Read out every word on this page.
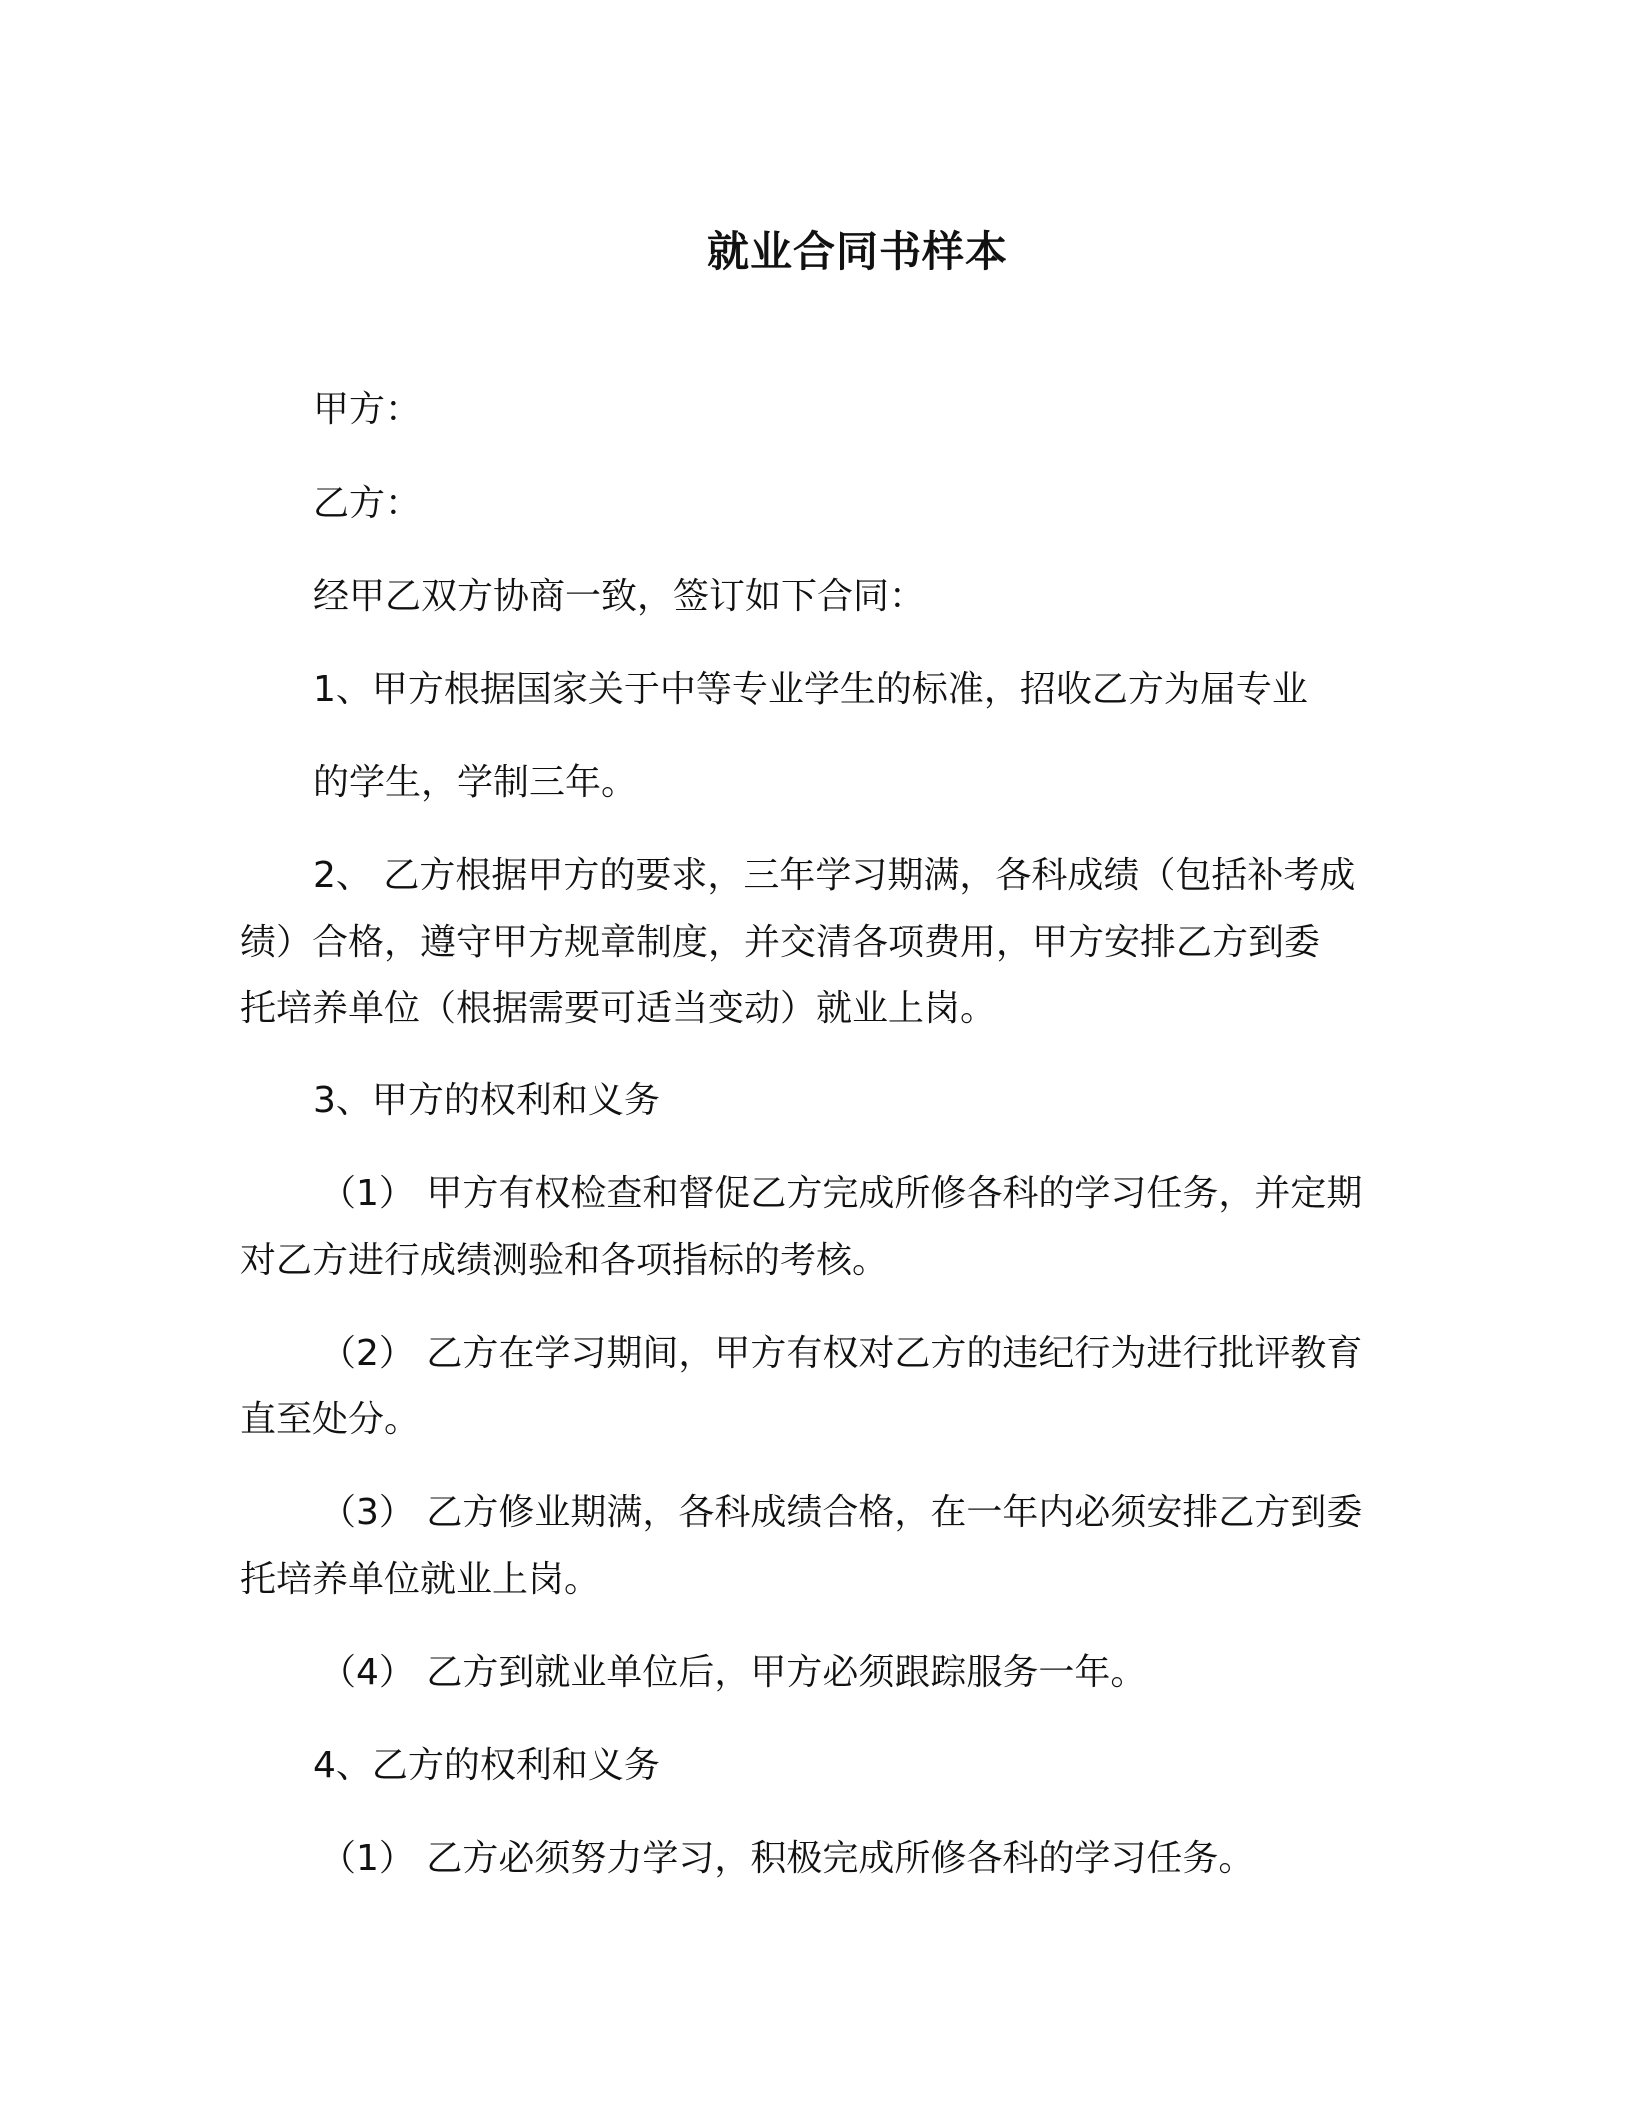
就业合同书样本
甲方：
乙方：
经甲乙双方协商一致，签订如下合同：
1、甲方根据国家关于中等专业学生的标准，招收乙方为届专业
的学生，学制三年。
2、 乙方根据甲方的要求，三年学习期满，各科成绩（包括补考成
绩）合格，遵守甲方规章制度，并交清各项费用，甲方安排乙方到委
托培养单位（根据需要可适当变动）就业上岗。
3、甲方的权利和义务
（1） 甲方有权检查和督促乙方完成所修各科的学习任务，并定期
对乙方进行成绩测验和各项指标的考核。
（2） 乙方在学习期间，甲方有权对乙方的违纪行为进行批评教育
直至处分。
（3） 乙方修业期满，各科成绩合格，在一年内必须安排乙方到委
托培养单位就业上岗。
（4） 乙方到就业单位后，甲方必须跟踪服务一年。
4、乙方的权利和义务
（1） 乙方必须努力学习，积极完成所修各科的学习任务。
